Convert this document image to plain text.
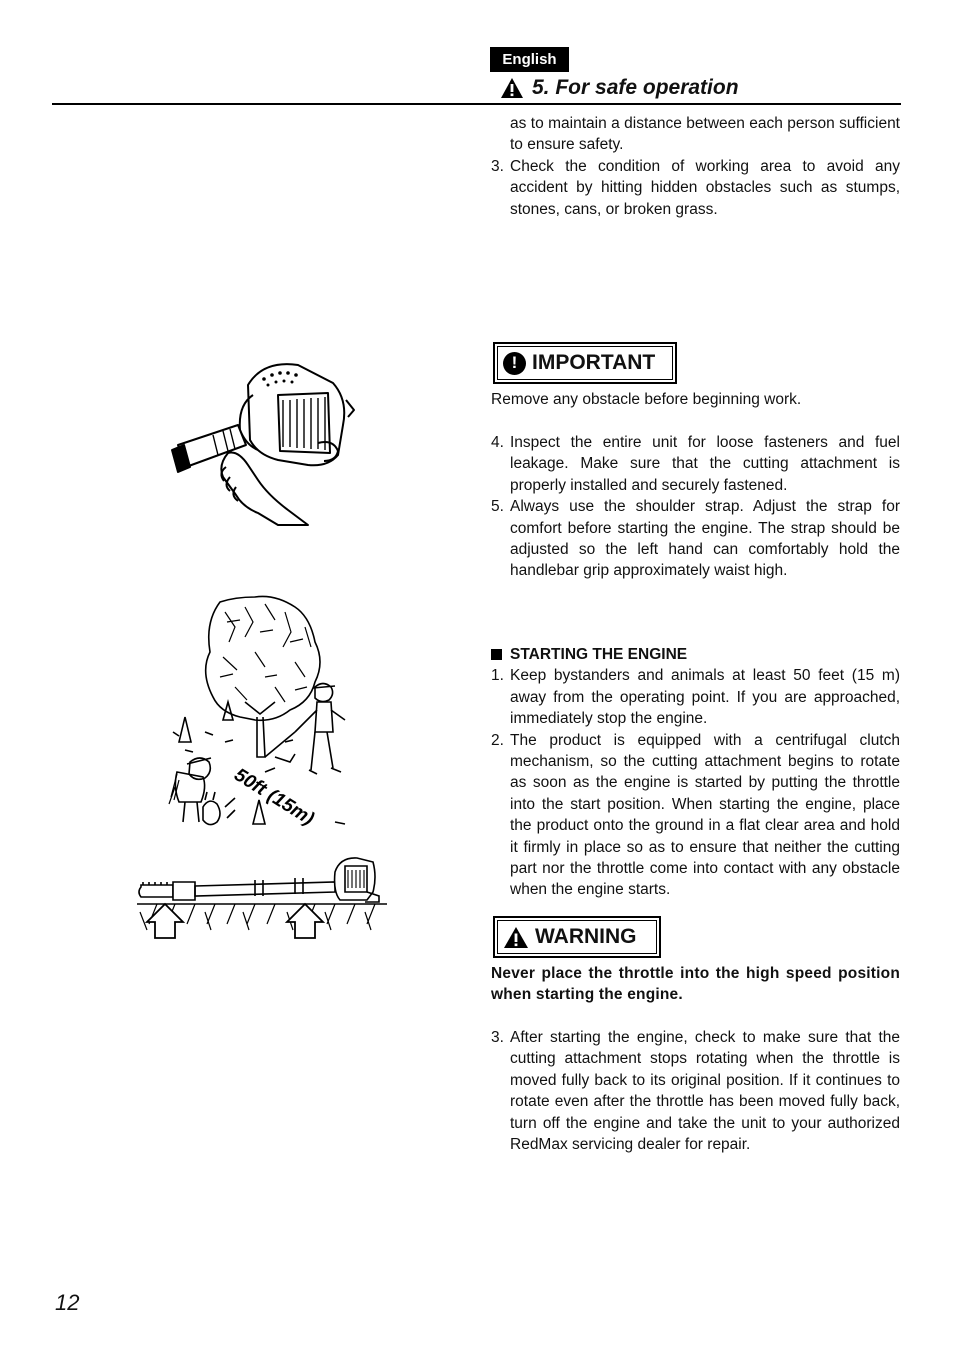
English
5. For safe operation

as to maintain a distance between each person sufficient to ensure safety.

3. Check the condition of working area to avoid any accident by hitting hidden obstacles such as stumps, stones, cans, or broken grass.
! IMPORTANT

Remove any obstacle before beginning work.

4. Inspect the entire unit for loose fasteners and fuel leakage. Make sure that the cutting attachment is properly installed and securely fastened.
5. Always use the shoulder strap. Adjust the strap for comfort before starting the engine. The strap should be adjusted so the left hand can comfortably hold the handlebar grip approximately waist high.
STARTING THE ENGINE
1. Keep bystanders and animals at least 50 feet (15 m) away from the operating point. If you are approached, immediately stop the engine.
2. The product is equipped with a centrifugal clutch mechanism, so the cutting attachment begins to rotate as soon as the engine is started by putting the throttle into the start position. When starting the engine, place the product onto the ground in a flat clear area and hold it firmly in place so as to ensure that neither the cutting part nor the throttle come into contact with any obstacle when the engine starts.
WARNING

Never place the throttle into the high speed position when starting the engine.

3. After starting the engine, check to make sure that the cutting attachment stops rotating when the throttle is moved fully back to its original position. If it continues to rotate even after the throttle has been moved fully back, turn off the engine and take the unit to your authorized RedMax servicing dealer for repair.
50ft (15m)
12
